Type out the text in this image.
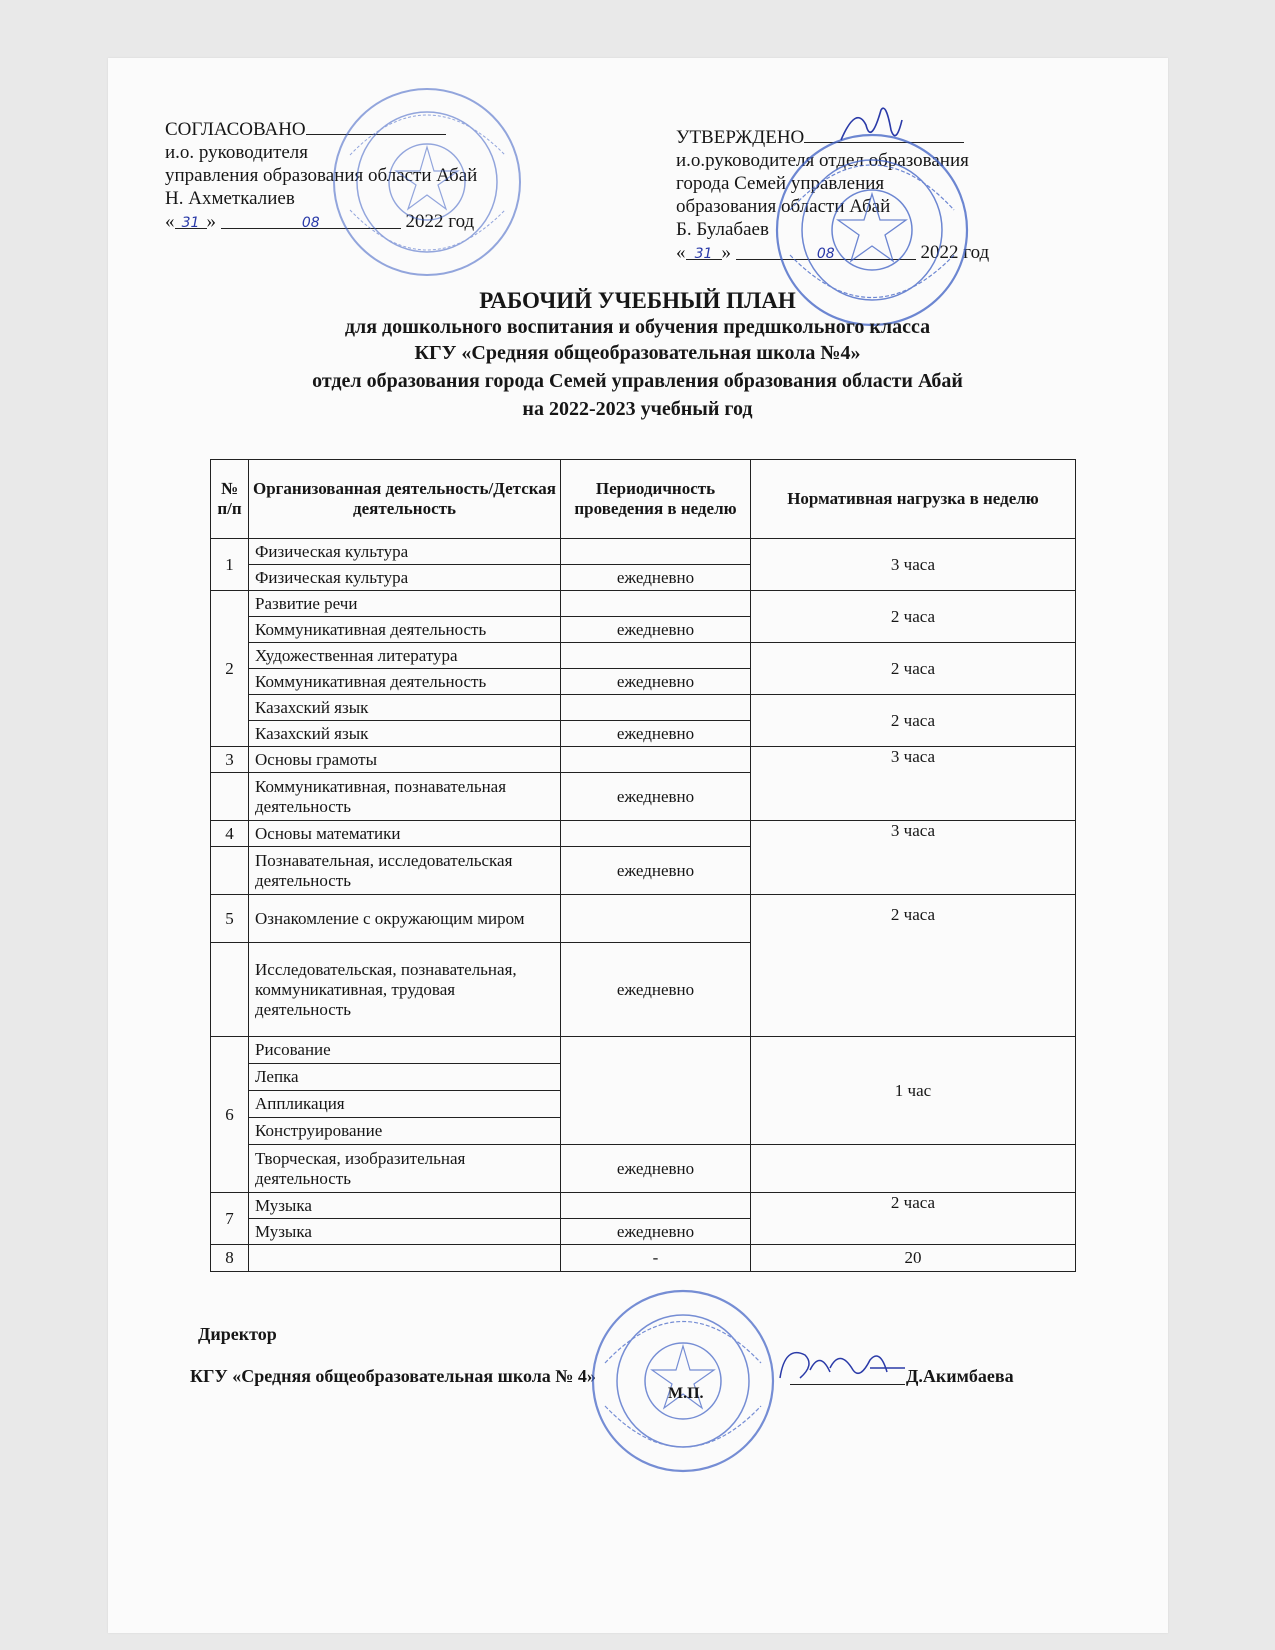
СОГЛАСОВАНО
и.о. руководителя
управления образования области Абай
Н. Ахметкалиев
« 31 »	08	2022 год
УТВЕРЖДЕНО
и.о.руководителя отдел образования
города Семей управления
образования области Абай
Б. Булабаев
« 31 »	08	2022 год
РАБОЧИЙ УЧЕБНЫЙ ПЛАН
для дошкольного воспитания и обучения предшкольного класса
КГУ «Средняя общеобразовательная школа №4»
отдел образования города Семей управления образования области Абай
на 2022-2023 учебный год
№ п/п	Организованная деятельность/Детская деятельность	Периодичность проведения в неделю	Нормативная нагрузка в неделю
1	Физическая культура		3 часа
	Физическая культура	ежедневно	
2	Развитие речи		2 часа
	Коммуникативная деятельность	ежедневно	
	Художественная литература		2 часа
	Коммуникативная деятельность	ежедневно	
	Казахский язык		2 часа
	Казахский язык	ежедневно	
3	Основы грамоты		3 часа
	Коммуникативная, познавательная деятельность	ежедневно	
4	Основы математики		3 часа
	Познавательная, исследовательская деятельность	ежедневно	
5	Ознакомление с окружающим миром		2 часа
	Исследовательская, познавательная, коммуникативная, трудовая деятельность	ежедневно	
6	Рисование		1 час
	Лепка		
	Аппликация		
	Конструирование		
	Творческая, изобразительная деятельность	ежедневно	
7	Музыка		2 часа
	Музыка	ежедневно	
8		-	20
Директор
КГУ «Средняя общеобразовательная школа № 4»	Д.Акимбаева
М.П.
